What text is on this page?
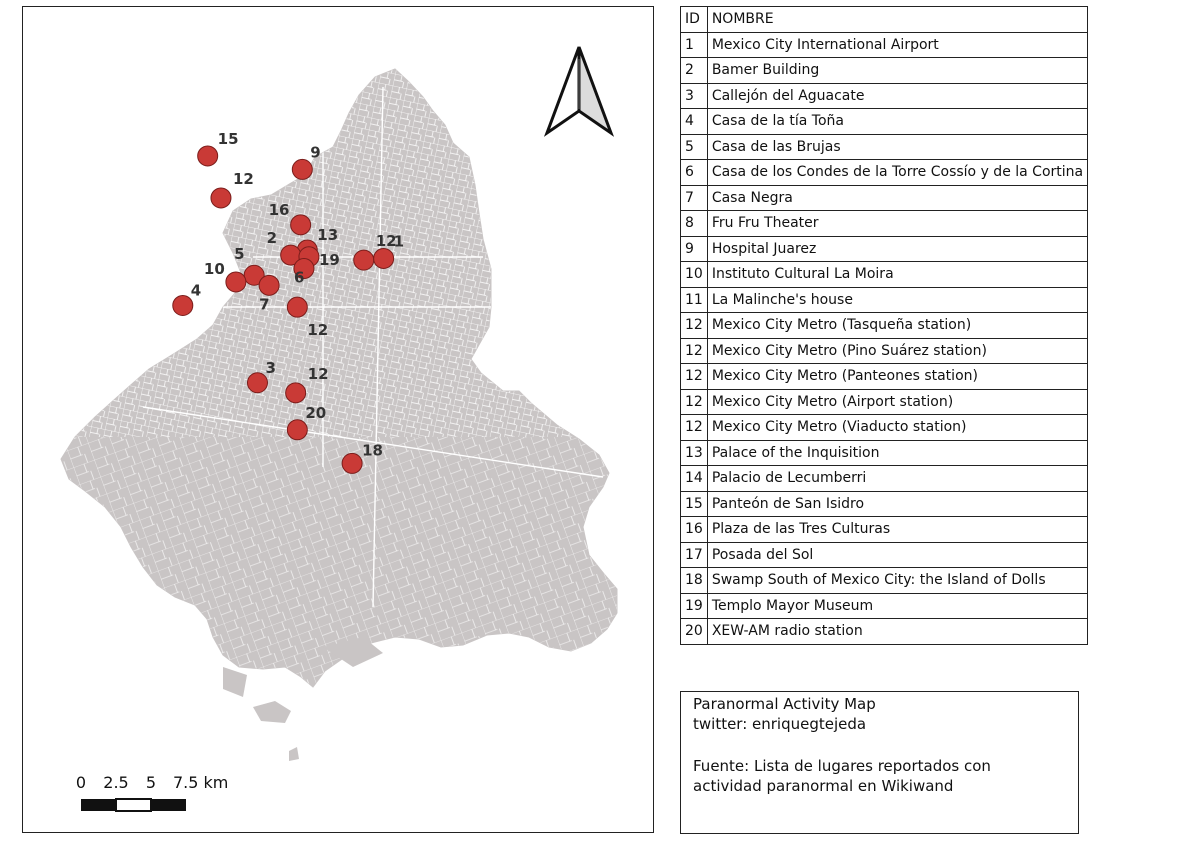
15
9
12
16
13
2
19
12
1
5
10	6
7
12
4
3 12
20
18
0 2.5 5 7.5 km
ID	NOMBRE
1	Mexico City International Airport
2	Bamer Building
3	Callejón del Aguacate
4	Casa de la tía Toña
5	Casa de las Brujas
6	Casa de los Condes de la Torre Cossío y de la Cortina
7	Casa Negra
8	Fru Fru Theater
9	Hospital Juarez
10	Instituto Cultural La Moira
11	La Malinche's house
12	Mexico City Metro (Tasqueña station)
12	Mexico City Metro (Pino Suárez station)
12	Mexico City Metro (Panteones station)
12	Mexico City Metro (Airport station)
12	Mexico City Metro (Viaducto station)
13	Palace of the Inquisition
14	Palacio de Lecumberri
15	Panteón de San Isidro
16	Plaza de las Tres Culturas
17	Posada del Sol
18	Swamp South of Mexico City: the Island of Dolls
19	Templo Mayor Museum
20	XEW-AM radio station
Paranormal Activity Map
twitter: enriquegtejeda
Fuente: Lista de lugares reportados con
actividad paranormal en Wikiwand
